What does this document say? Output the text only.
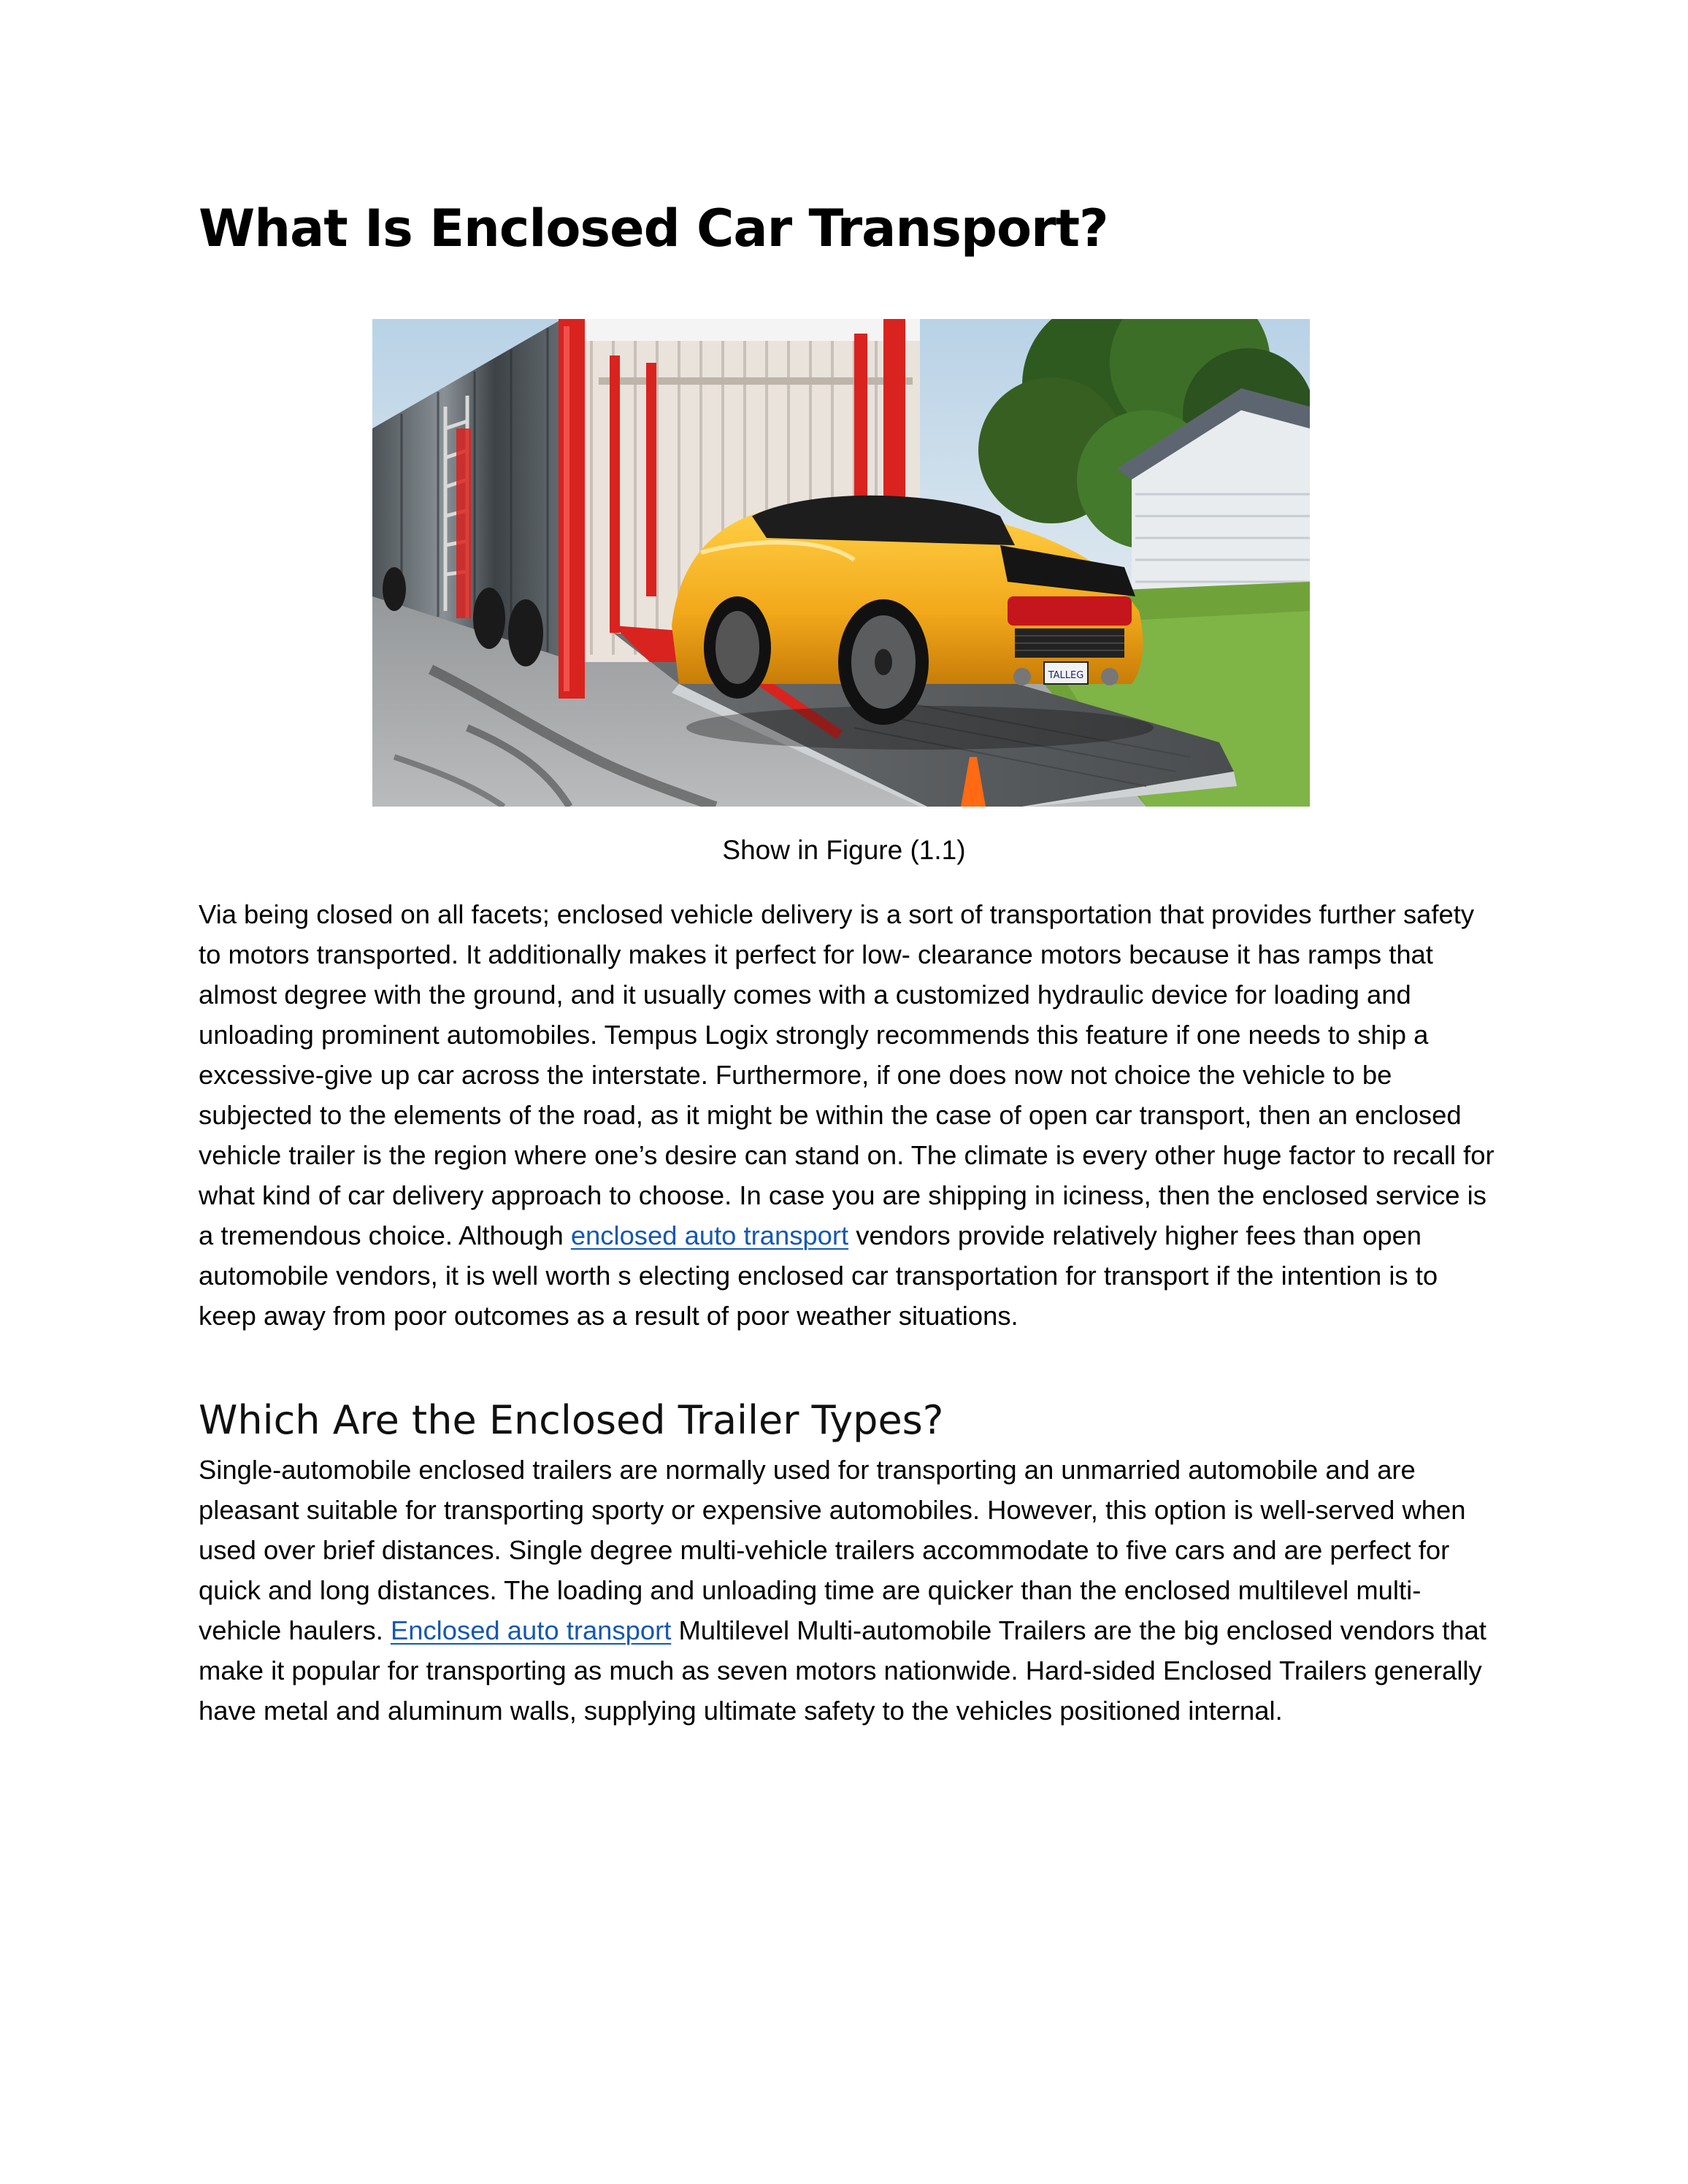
What Is Enclosed Car Transport?
TALLEG
Show in Figure (1.1)

Via being closed on all facets; enclosed vehicle delivery is a sort of transportation that provides further safety to motors transported. It additionally makes it perfect for low- clearance motors because it has ramps that almost degree with the ground, and it usually comes with a customized hydraulic device for loading and unloading prominent automobiles. Tempus Logix strongly recommends this feature if one needs to ship a excessive-give up car across the interstate. Furthermore, if one does now not choice the vehicle to be subjected to the elements of the road, as it might be within the case of open car transport, then an enclosed vehicle trailer is the region where one’s desire can stand on. The climate is every other huge factor to recall for what kind of car delivery approach to choose. In case you are shipping in iciness, then the enclosed service is a tremendous choice. Although enclosed auto transport vendors provide relatively higher fees than open automobile vendors, it is well worth s electing enclosed car transportation for transport if the intention is to keep away from poor outcomes as a result of poor weather situations.

Which Are the Enclosed Trailer Types?

Single-automobile enclosed trailers are normally used for transporting an unmarried automobile and are pleasant suitable for transporting sporty or expensive automobiles. However, this option is well-served when used over brief distances. Single degree multi-vehicle trailers accommodate to five cars and are perfect for quick and long distances. The loading and unloading time are quicker than the enclosed multilevel multi-vehicle haulers. Enclosed auto transport Multilevel Multi-automobile Trailers are the big enclosed vendors that make it popular for transporting as much as seven motors nationwide. Hard-sided Enclosed Trailers generally have metal and aluminum walls, supplying ultimate safety to the vehicles positioned internal.
